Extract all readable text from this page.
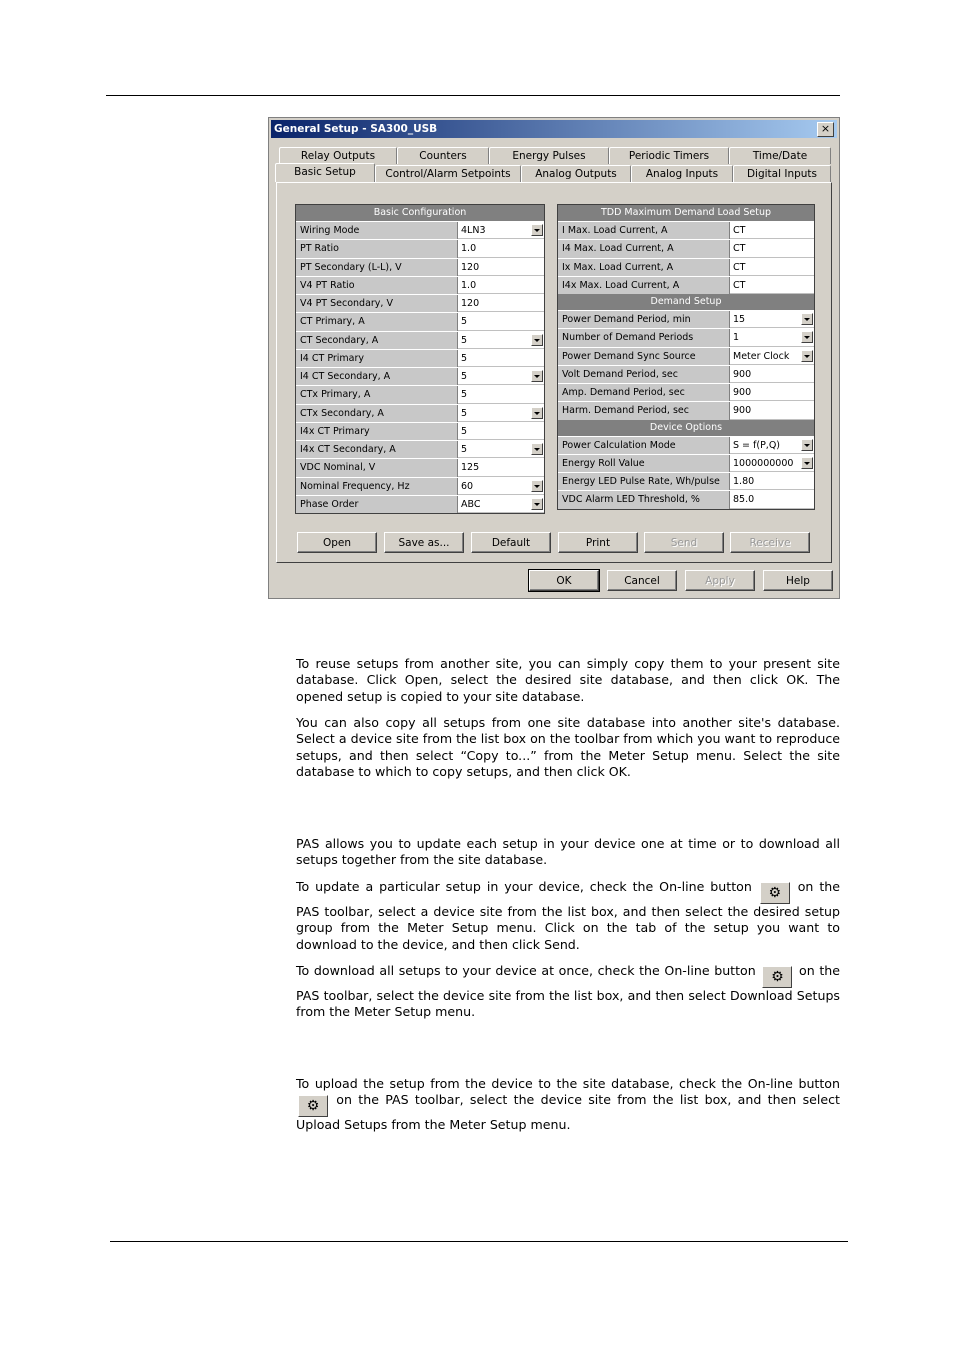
General Setup - SA300_USB	×
Relay Outputs	Counters	Energy Pulses	Periodic Timers	Time/Date
Basic Setup	Control/Alarm Setpoints	Analog Outputs	Analog Inputs	Digital Inputs
Basic Configuration
Wiring Mode	4LN3
PT Ratio	1.0
PT Secondary (L-L), V	120
V4 PT Ratio	1.0
V4 PT Secondary, V	120
CT Primary, A	5
CT Secondary, A	5
I4 CT Primary	5
I4 CT Secondary, A	5
CTx Primary, A	5
CTx Secondary, A	5
I4x CT Primary	5
I4x CT Secondary, A	5
VDC Nominal, V	125
Nominal Frequency, Hz	60
Phase Order	ABC
TDD Maximum Demand Load Setup
I Max. Load Current, A	CT
I4 Max. Load Current, A	CT
Ix Max. Load Current, A	CT
I4x Max. Load Current, A	CT
Demand Setup
Power Demand Period, min	15
Number of Demand Periods	1
Power Demand Sync Source	Meter Clock
Volt Demand Period, sec	900
Amp. Demand Period, sec	900
Harm. Demand Period, sec	900
Device Options
Power Calculation Mode	S = f(P,Q)
Energy Roll Value	1000000000
Energy LED Pulse Rate, Wh/pulse	1.80
VDC Alarm LED Threshold, %	85.0
Open	Save as...	Default	Print	Send	Receive
OK	Cancel	Apply	Help

To reuse setups from another site, you can simply copy them to your present site database. Click Open, select the desired site database, and then click OK. The opened setup is copied to your site database.

You can also copy all setups from one site database into another site's database. Select a device site from the list box on the toolbar from which you want to reproduce setups, and then select “Copy to...” from the Meter Setup menu. Select the site database to which to copy setups, and then click OK.

PAS allows you to update each setup in your device one at time or to download all setups together from the site database.

To update a particular setup in your device, check the On-line button ⚙ on the PAS toolbar, select a device site from the list box, and then select the desired setup group from the Meter Setup menu. Click on the tab of the setup you want to download to the device, and then click Send.

To download all setups to your device at once, check the On-line button ⚙ on the PAS toolbar, select the device site from the list box, and then select Download Setups from the Meter Setup menu.

To upload the setup from the device to the site database, check the On-line button ⚙ on the PAS toolbar, select the device site from the list box, and then select Upload Setups from the Meter Setup menu.
